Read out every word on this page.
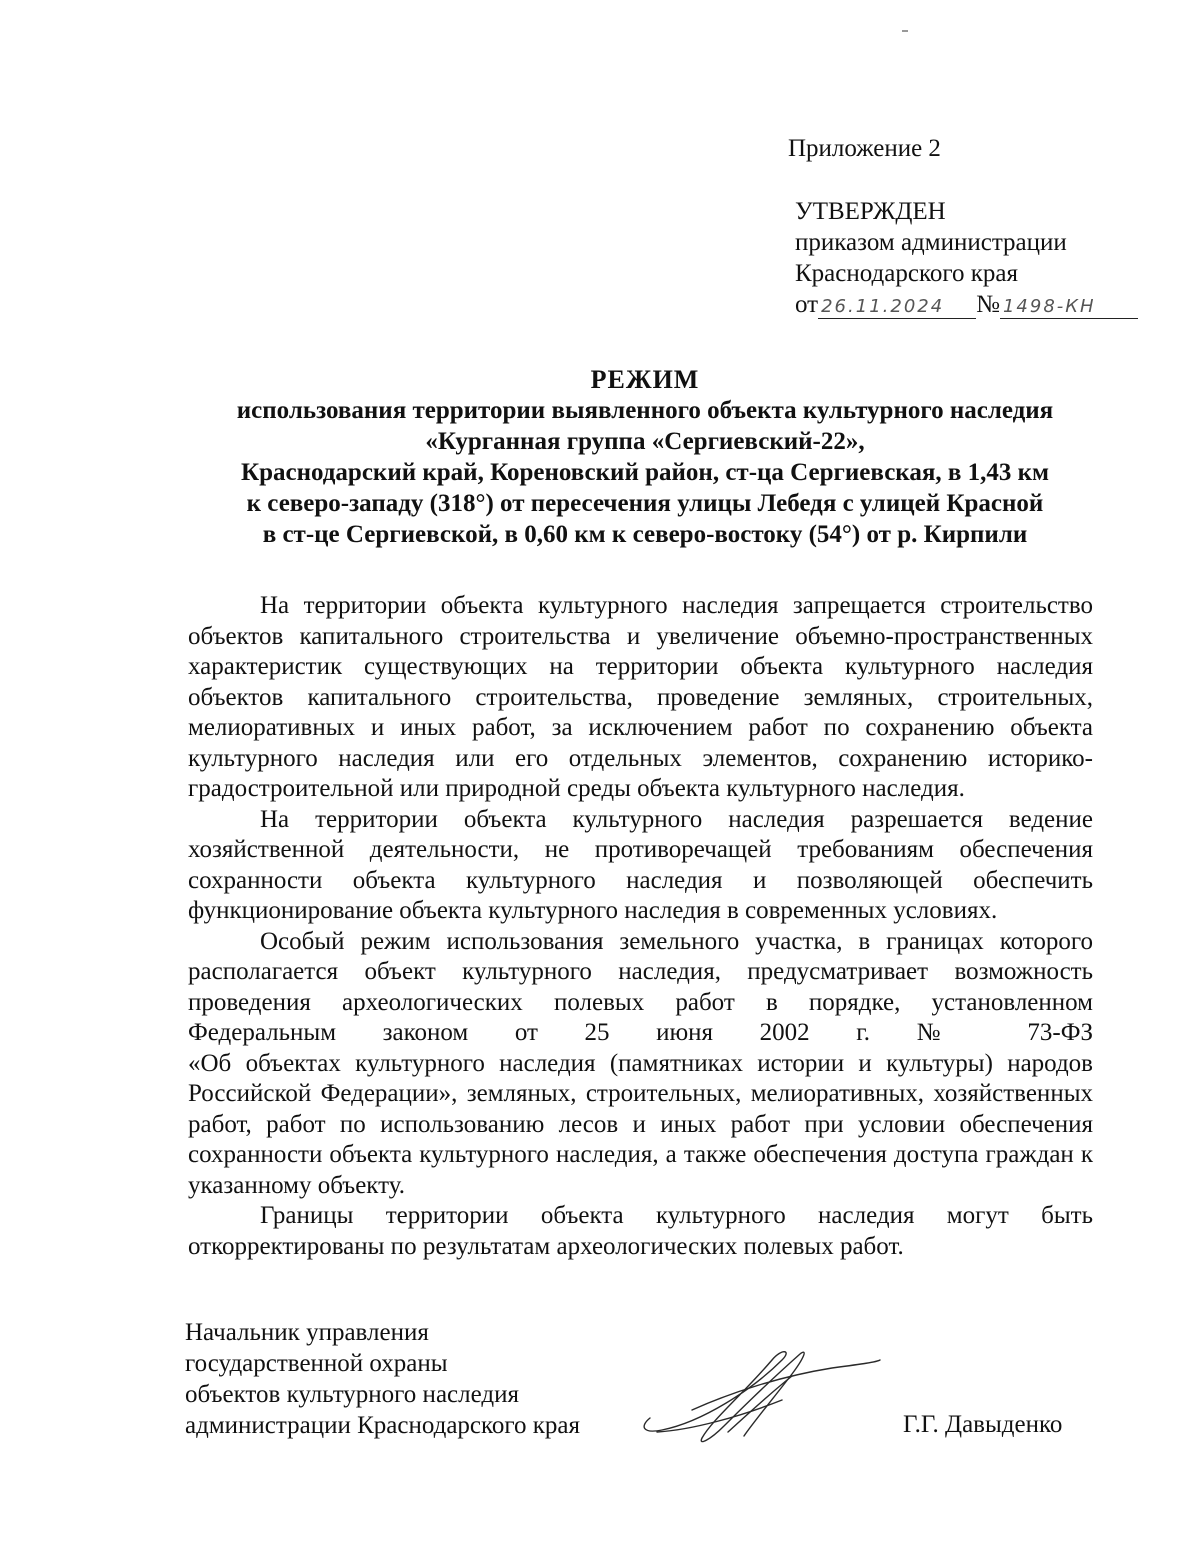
Приложение 2
УТВЕРЖДЕН
приказом администрации
Краснодарского края
от 26.11.2024 № 1498-КН
РЕЖИМ
использования территории выявленного объекта культурного наследия
«Курганная группа «Сергиевский-22»,
Краснодарский край, Кореновский район, ст-ца Сергиевская, в 1,43 км
к северо-западу (318°) от пересечения улицы Лебедя с улицей Красной
в ст-це Сергиевской, в 0,60 км к северо-востоку (54°) от р. Кирпили

На территории объекта культурного наследия запрещается строительство объектов капитального строительства и увеличение объемно-пространственных характеристик существующих на территории объекта культурного наследия объектов капитального строительства, проведение земляных, строительных, мелиоративных и иных работ, за исключением работ по сохранению объекта культурного наследия или его отдельных элементов, сохранению историко-градостроительной или природной среды объекта культурного наследия.

На территории объекта культурного наследия разрешается ведение хозяйственной деятельности, не противоречащей требованиям обеспечения сохранности объекта культурного наследия и позволяющей обеспечить функционирование объекта культурного наследия в современных условиях.

Особый режим использования земельного участка, в границах которого располагается объект культурного наследия, предусматривает возможность проведения археологических полевых работ в порядке, установленном Федеральным законом от 25 июня 2002 г. № 73-ФЗ

«Об объектах культурного наследия (памятниках истории и культуры) народов Российской Федерации», земляных, строительных, мелиоративных, хозяйственных работ, работ по использованию лесов и иных работ при условии обеспечения сохранности объекта культурного наследия, а также обеспечения доступа граждан к указанному объекту.

Границы территории объекта культурного наследия могут быть откорректированы по результатам археологических полевых работ.

Начальник управления
государственной охраны
объектов культурного наследия
администрации Краснодарского края	Г.Г. Давыденко
